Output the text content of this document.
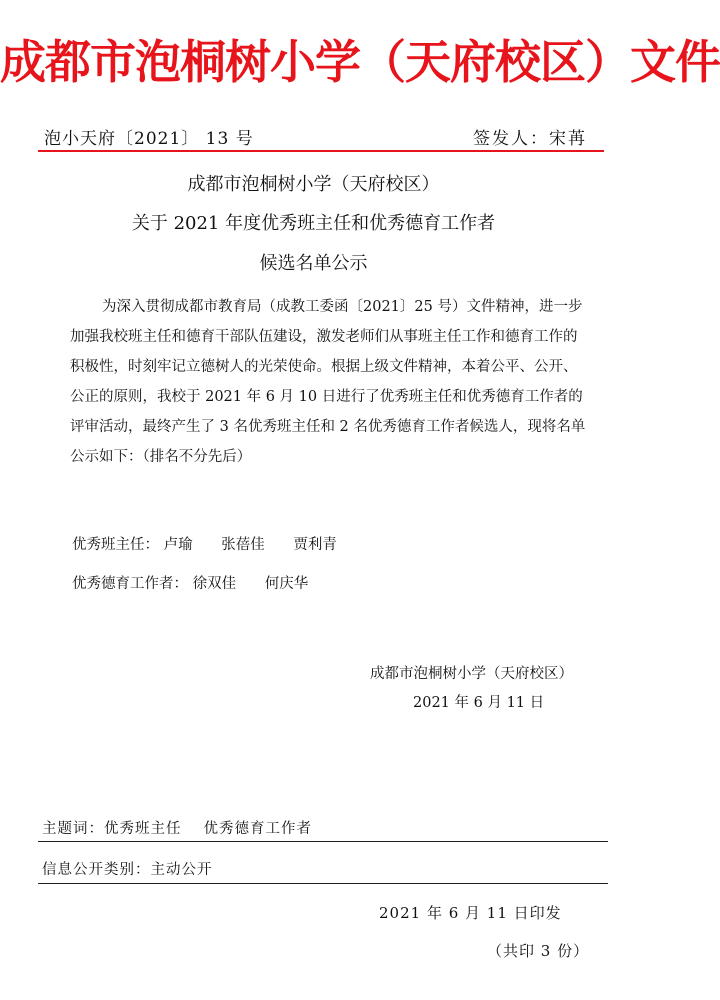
成都市泡桐树小学（天府校区）文件
泡小天府〔2021〕 13 号	签发人：宋苒
成都市泡桐树小学（天府校区）
关于 2021 年度优秀班主任和优秀德育工作者
候选名单公示
为深入贯彻成都市教育局（成教工委函〔2021〕25 号）文件精神，进一步加强我校班主任和德育干部队伍建设，激发老师们从事班主任工作和德育工作的积极性，时刻牢记立德树人的光荣使命。根据上级文件精神，本着公平、公开、公正的原则，我校于 2021 年 6 月 10 日进行了优秀班主任和优秀德育工作者的评审活动，最终产生了 3 名优秀班主任和 2 名优秀德育工作者候选人，现将名单公示如下：（排名不分先后）
优秀班主任： 卢瑜 张蓓佳 贾利青
优秀德育工作者： 徐双佳 何庆华
成都市泡桐树小学（天府校区）
2021 年 6 月 11 日
主题词：优秀班主任 优秀德育工作者
信息公开类别：主动公开
2021 年 6 月 11 日印发
（共印 3 份）
